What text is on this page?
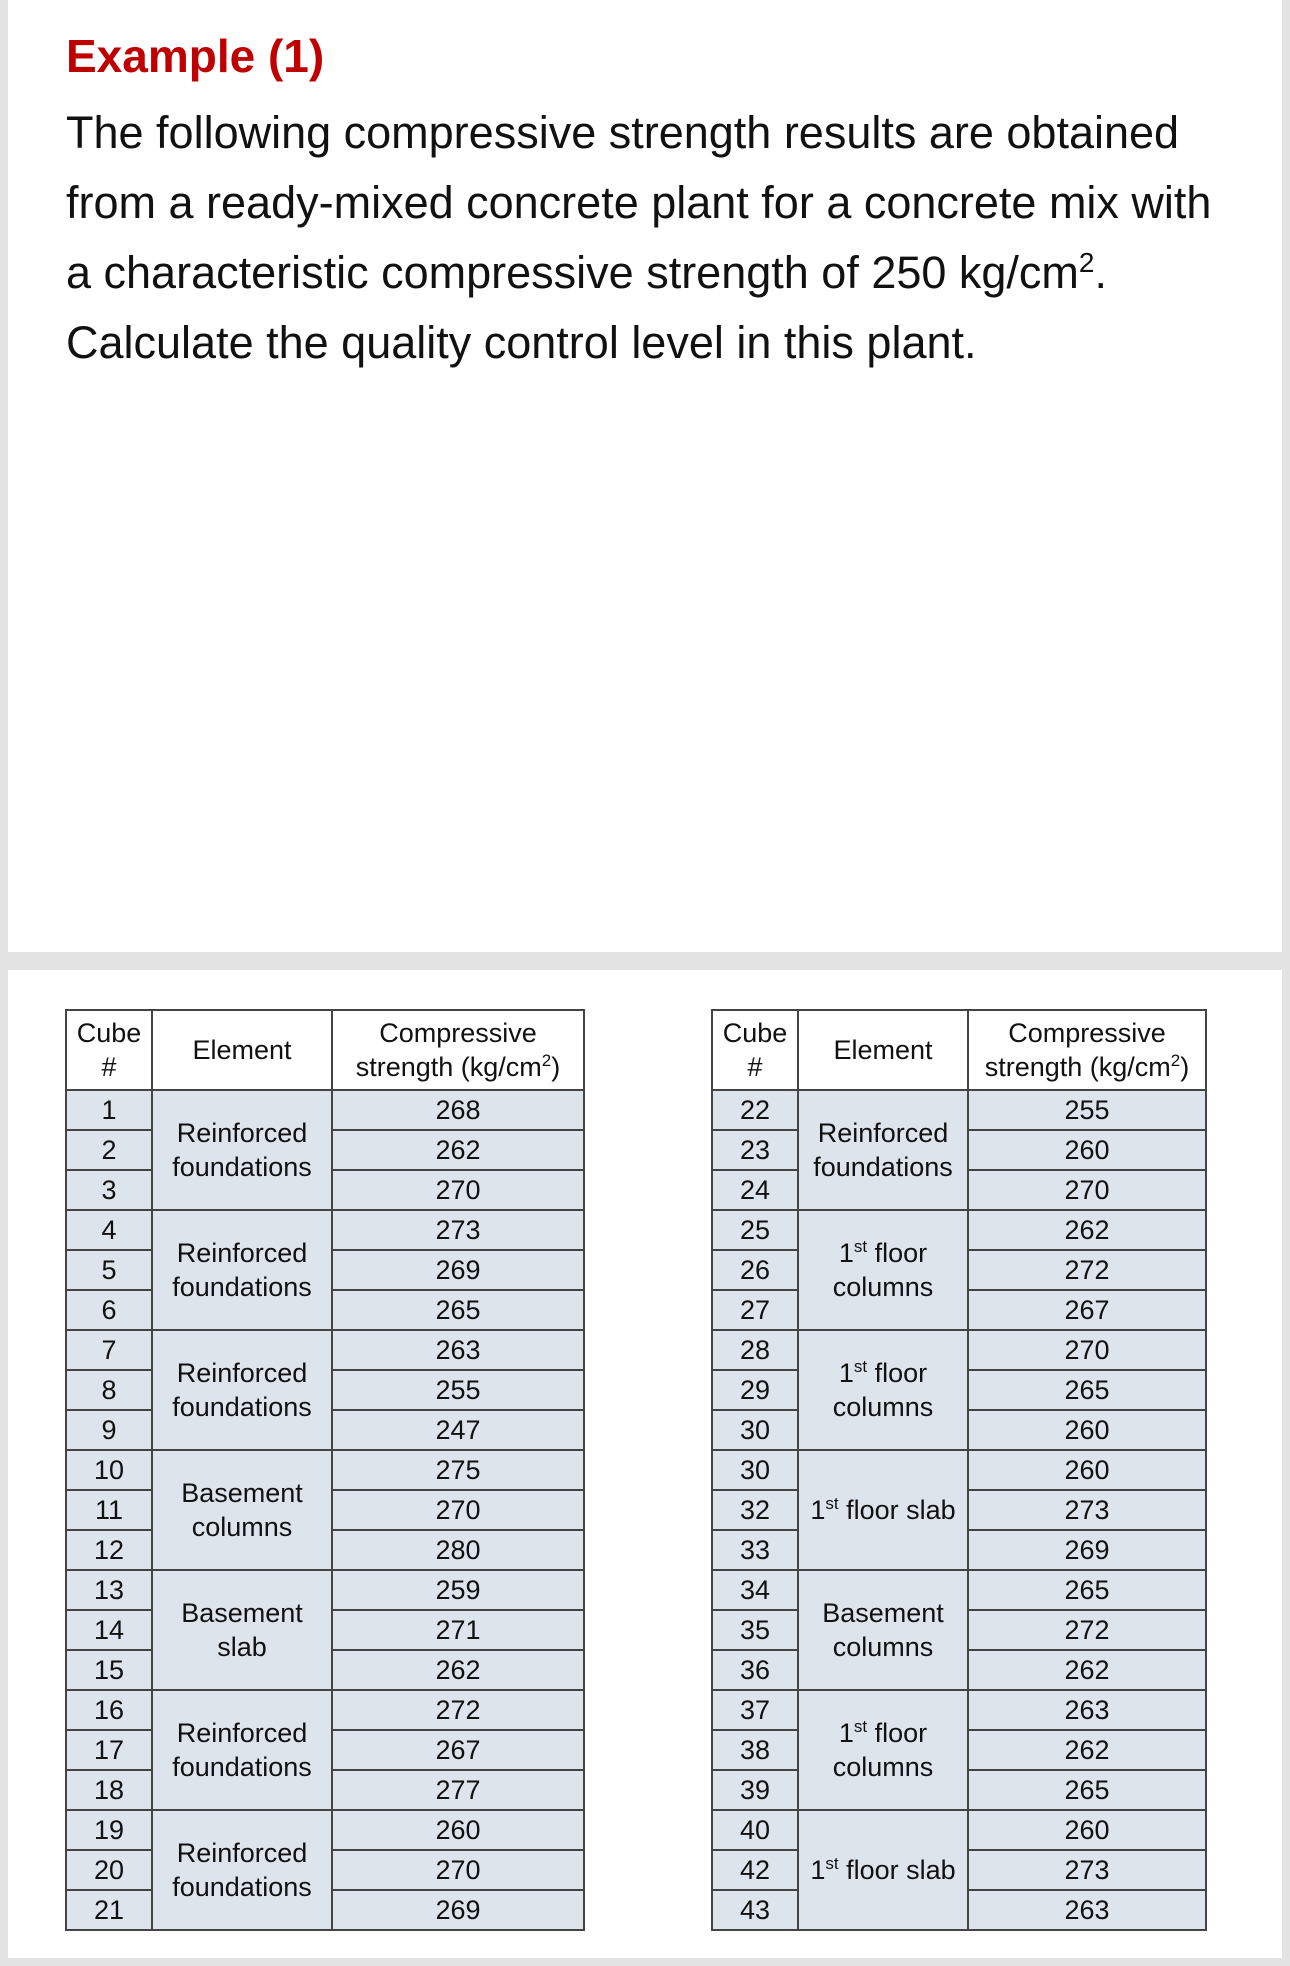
Example (1)

The following compressive strength results are obtained from a ready-mixed concrete plant for a concrete mix with a characteristic compressive strength of 250 $kg/cm^2$. Calculate the quality control level in this plant.

Cube #	Element	Compressive strength $(kg/cm^2)$
1	Reinforced foundations	268
2		262
3		270
4	Reinforced foundations	273
5		269
6		265
7	Reinforced foundations	263
8		255
9		247
10	Basement columns	275
11		270
12		280
13	Basement slab	259
14		271
15		262
16	Reinforced foundations	272
17		267
18		277
19	Reinforced foundations	260
20		270
21		269
Cube #	Element	Compressive strength $(kg/cm^2)$
22	Reinforced foundations	255
23		260
24		270
25	1st floor columns	262
26		272
27		267
28	1st floor columns	270
29		265
30		260
30	1st floor slab	260
32		273
33		269
34	Basement columns	265
35		272
36		262
37	1st floor columns	263
38		262
39		265
40	1st floor slab	260
42		273
43		263
